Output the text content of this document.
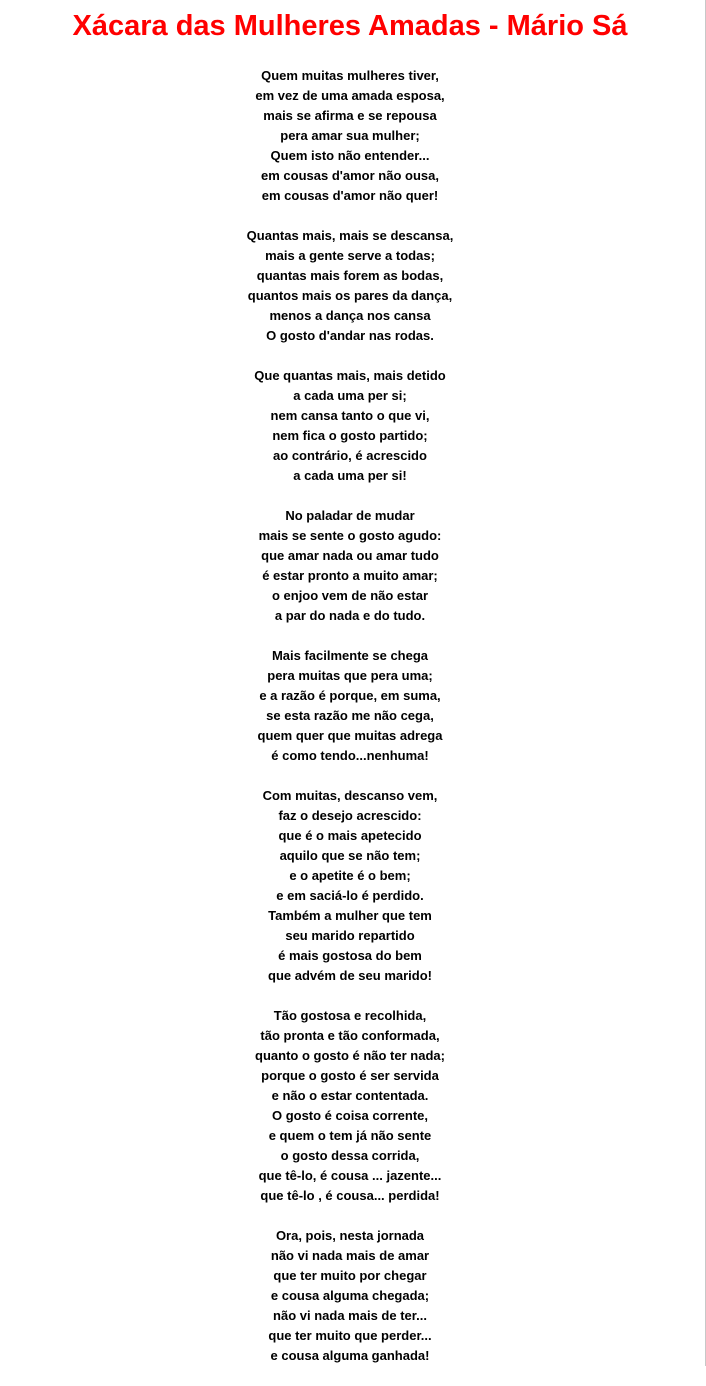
Xácara das Mulheres Amadas - Mário Sá
Quem muitas mulheres tiver,
em vez de uma amada esposa,
mais se afirma e se repousa
pera amar sua mulher;
Quem isto não entender...
em cousas d'amor não ousa,
em cousas d'amor não quer!
Quantas mais, mais se descansa,
mais a gente serve a todas;
quantas mais forem as bodas,
quantos mais os pares da dança,
menos a dança nos cansa
O gosto d'andar nas rodas.
Que quantas mais, mais detido
a cada uma per si;
nem cansa tanto o que vi,
nem fica o gosto partido;
ao contrário, é acrescido
a cada uma per si!
No paladar de mudar
mais se sente o gosto agudo:
que amar nada ou amar tudo
é estar pronto a muito amar;
o enjoo vem de não estar
a par do nada e do tudo.
Mais facilmente se chega
pera muitas que pera uma;
e a razão é porque, em suma,
se esta razão me não cega,
quem quer que muitas adrega
é como tendo...nenhuma!
Com muitas, descanso vem,
faz o desejo acrescido:
que é o mais apetecido
aquilo que se não tem;
e o apetite é o bem;
e em saciá-lo é perdido.
Também a mulher que tem
seu marido repartido
é mais gostosa do bem
que advém de seu marido!
Tão gostosa e recolhida,
tão pronta e tão conformada,
quanto o gosto é não ter nada;
porque o gosto é ser servida
e não o estar contentada.
O gosto é coisa corrente,
e quem o tem já não sente
o gosto dessa corrida,
que tê-lo, é cousa ... jazente...
que tê-lo , é cousa... perdida!
Ora, pois, nesta jornada
não vi nada mais de amar
que ter muito por chegar
e cousa alguma chegada;
não vi nada mais de ter...
que ter muito que perder...
e cousa alguma ganhada!
